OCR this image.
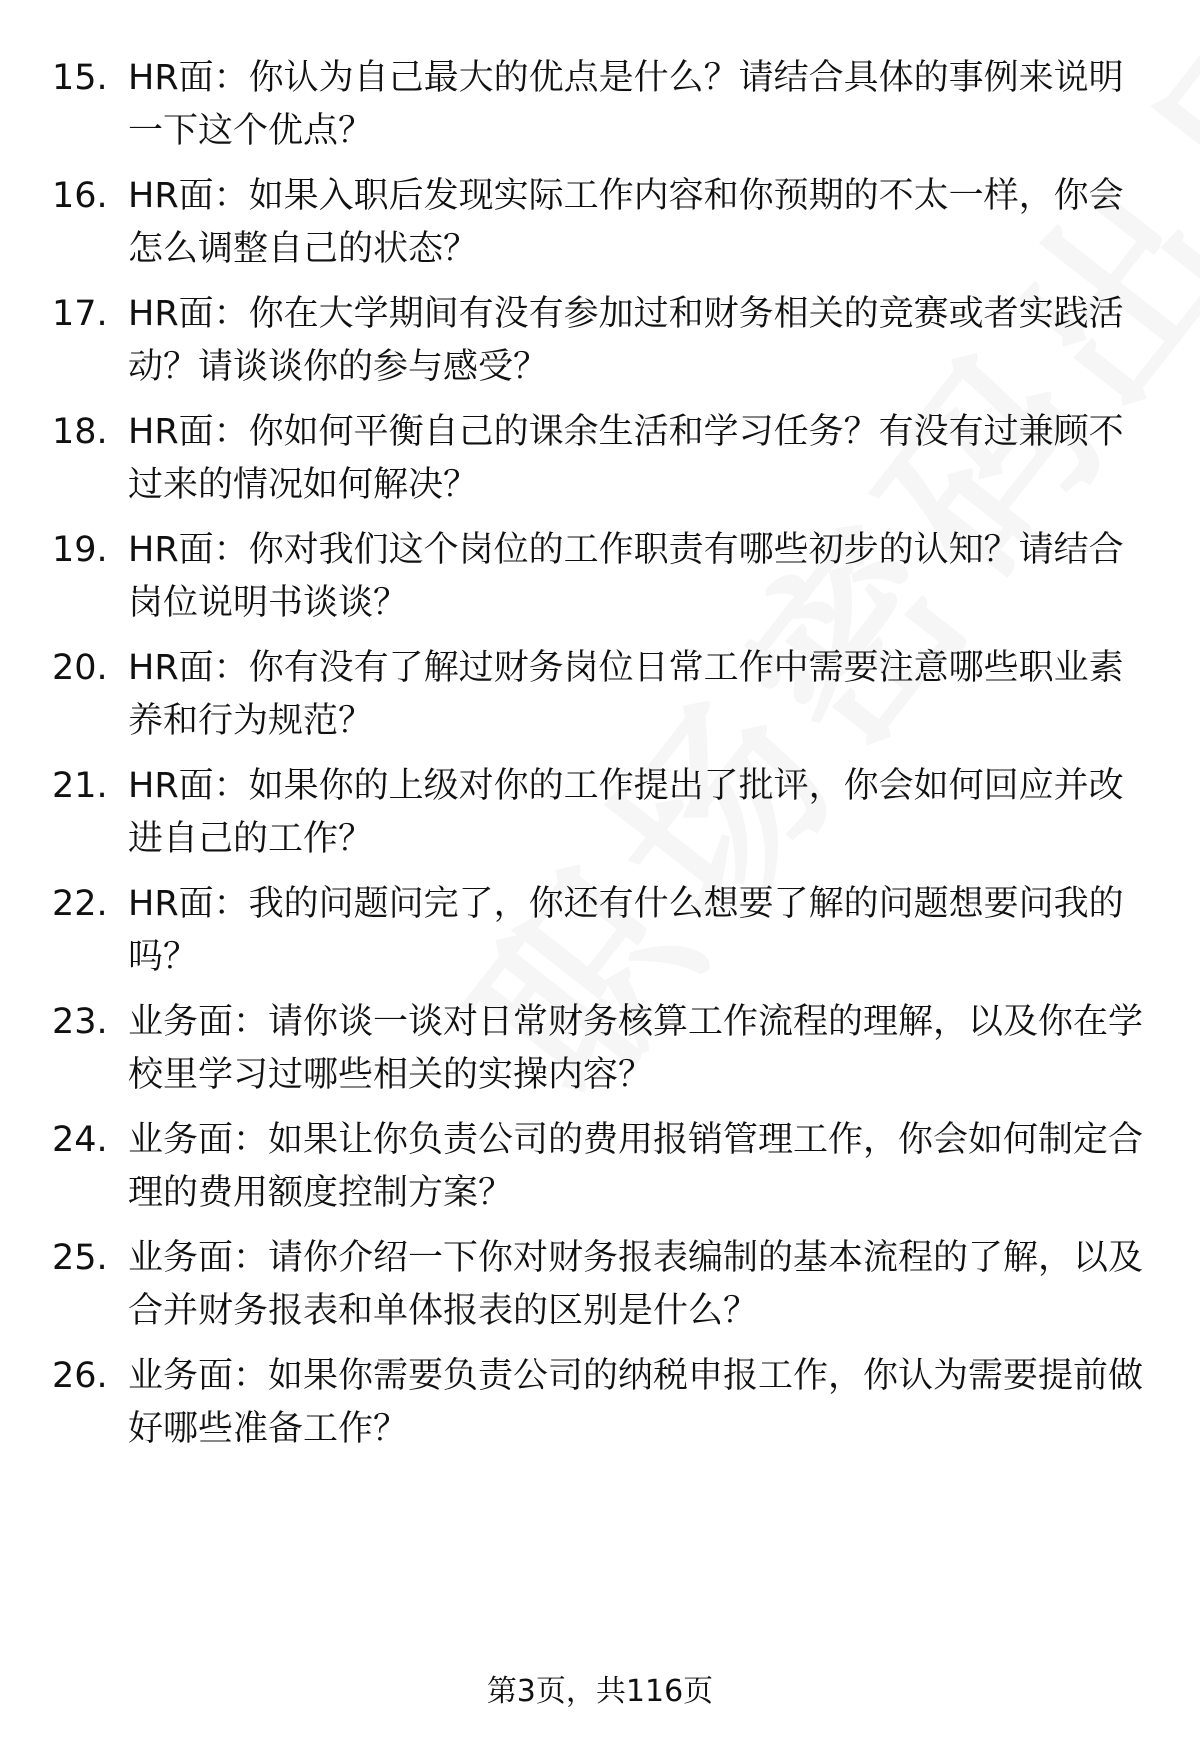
15. HR面：你认为自己最大的优点是什么？请结合具体的事例来说明一下这个优点？
16. HR面：如果入职后发现实际工作内容和你预期的不太一样，你会怎么调整自己的状态？
17. HR面：你在大学期间有没有参加过和财务相关的竞赛或者实践活动？请谈谈你的参与感受？
18. HR面：你如何平衡自己的课余生活和学习任务？有没有过兼顾不过来的情况如何解决？
19. HR面：你对我们这个岗位的工作职责有哪些初步的认知？请结合岗位说明书谈谈？
20. HR面：你有没有了解过财务岗位日常工作中需要注意哪些职业素养和行为规范？
21. HR面：如果你的上级对你的工作提出了批评，你会如何回应并改进自己的工作？
22. HR面：我的问题问完了，你还有什么想要了解的问题想要问我的吗？
23. 业务面：请你谈一谈对日常财务核算工作流程的理解，以及你在学校里学习过哪些相关的实操内容？
24. 业务面：如果让你负责公司的费用报销管理工作，你会如何制定合理的费用额度控制方案？
25. 业务面：请你介绍一下你对财务报表编制的基本流程的了解，以及合并财务报表和单体报表的区别是什么？
26. 业务面：如果你需要负责公司的纳税申报工作，你认为需要提前做好哪些准备工作？
第3页，共116页
